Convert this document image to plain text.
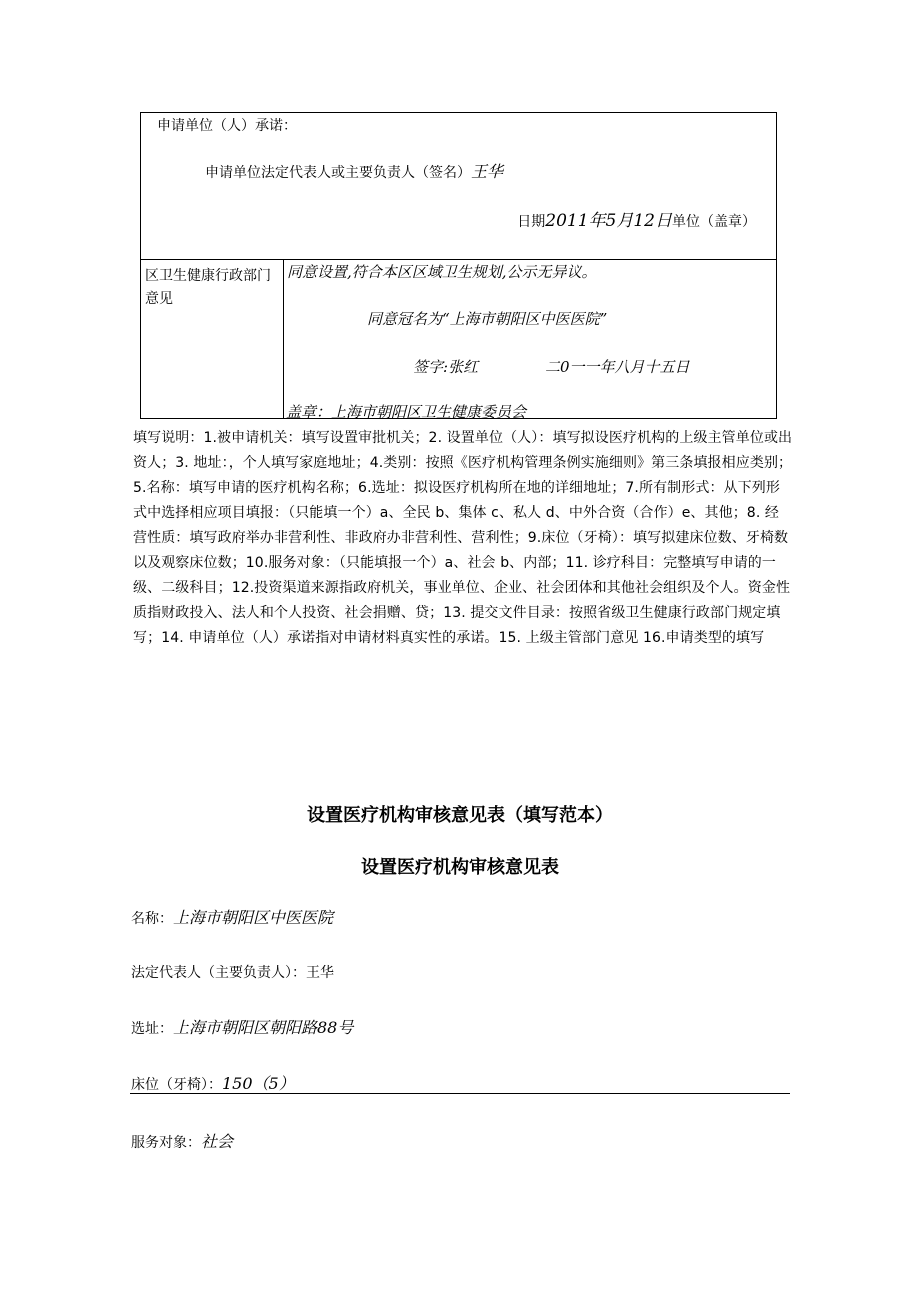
申请单位（人）承诺：
申请单位法定代表人或主要负责人（签名）王华
日期2011年5月12日单位（盖章）
区卫生健康行政部门意见
同意设置,符合本区区域卫生规划,公示无异议。
同意冠名为“上海市朝阳区中医医院”
签字:张红	二0一一年八月十五日
盖章：上海市朝阳区卫生健康委员会
填写说明：1.被申请机关：填写设置审批机关；2. 设置单位（人）：填写拟设医疗机构的上级主管单位或出资人；3. 地址：，个人填写家庭地址；4.类别：按照《医疗机构管理条例实施细则》第三条填报相应类别；5.名称：填写申请的医疗机构名称；6.选址：拟设医疗机构所在地的详细地址；7.所有制形式：从下列形式中选择相应项目填报：（只能填一个）a、全民 b、集体 c、私人 d、中外合资（合作）e、其他；8. 经营性质：填写政府举办非营利性、非政府办非营利性、营利性；9.床位（牙椅）：填写拟建床位数、牙椅数以及观察床位数；10.服务对象：（只能填报一个）a、社会 b、内部；11. 诊疗科目：完整填写申请的一级、二级科目；12.投资渠道来源指政府机关，事业单位、企业、社会团体和其他社会组织及个人。资金性质指财政投入、法人和个人投资、社会捐赠、贷；13. 提交文件目录：按照省级卫生健康行政部门规定填写；14. 申请单位（人）承诺指对申请材料真实性的承诺。15. 上级主管部门意见 16.申请类型的填写
设置医疗机构审核意见表（填写范本）
设置医疗机构审核意见表
名称：上海市朝阳区中医医院
法定代表人（主要负责人）：王华
选址：上海市朝阳区朝阳路88号
床位（牙椅）：150（5）
服务对象：社会
